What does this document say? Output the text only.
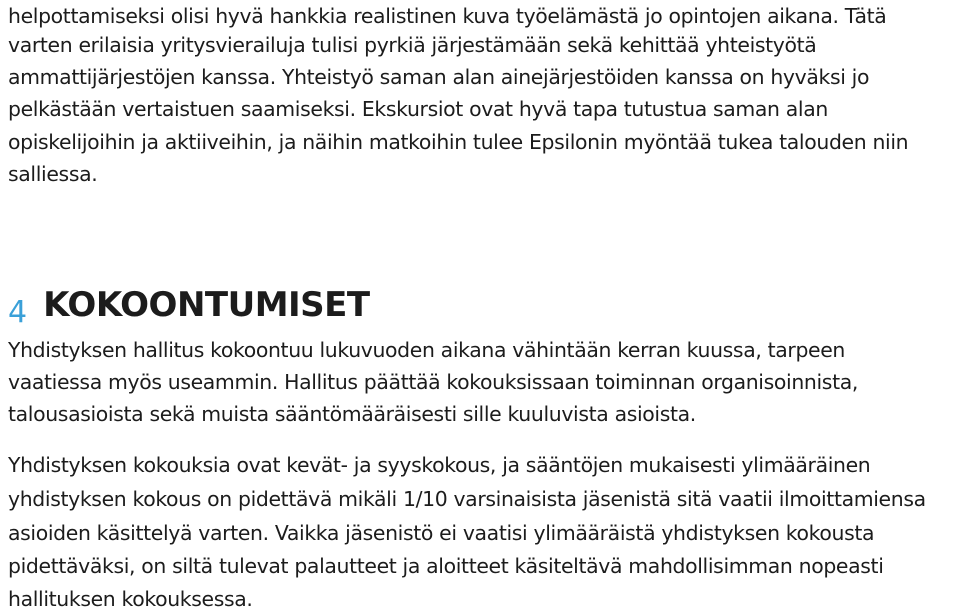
helpottamiseksi olisi hyvä hankkia realistinen kuva työelämästä jo opintojen aikana. Tätä
varten erilaisia yritysvierailuja tulisi pyrkiä järjestämään sekä kehittää yhteistyötä
ammattijärjestöjen kanssa. Yhteistyö saman alan ainejärjestöiden kanssa on hyväksi jo
pelkästään vertaistuen saamiseksi. Ekskursiot ovat hyvä tapa tutustua saman alan
opiskelijoihin ja aktiiveihin, ja näihin matkoihin tulee Epsilonin myöntää tukea talouden niin
salliessa.
4 KOKOONTUMISET
Yhdistyksen hallitus kokoontuu lukuvuoden aikana vähintään kerran kuussa, tarpeen
vaatiessa myös useammin. Hallitus päättää kokouksissaan toiminnan organisoinnista,
talousasioista sekä muista sääntömääräisesti sille kuuluvista asioista.
Yhdistyksen kokouksia ovat kevät- ja syyskokous, ja sääntöjen mukaisesti ylimääräinen
yhdistyksen kokous on pidettävä mikäli 1/10 varsinaisista jäsenistä sitä vaatii ilmoittamiensa
asioiden käsittelyä varten. Vaikka jäsenistö ei vaatisi ylimääräistä yhdistyksen kokousta
pidettäväksi, on siltä tulevat palautteet ja aloitteet käsiteltävä mahdollisimman nopeasti
hallituksen kokouksessa.
